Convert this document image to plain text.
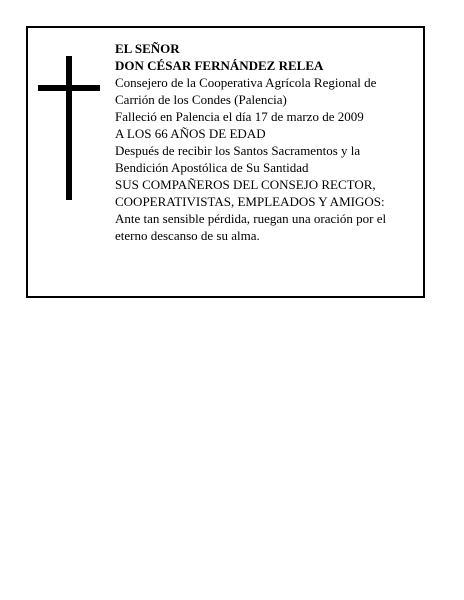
EL SEÑOR
DON CÉSAR FERNÁNDEZ RELEA
Consejero de la Cooperativa Agrícola Regional de
Carrión de los Condes (Palencia)
Falleció en Palencia el día 17 de marzo de 2009
A LOS 66 AÑOS DE EDAD
Después de recibir los Santos Sacramentos y la
Bendición Apostólica de Su Santidad
SUS COMPAÑEROS DEL CONSEJO RECTOR,
COOPERATIVISTAS, EMPLEADOS Y AMIGOS:
Ante tan sensible pérdida, ruegan una oración por el
eterno descanso de su alma.
